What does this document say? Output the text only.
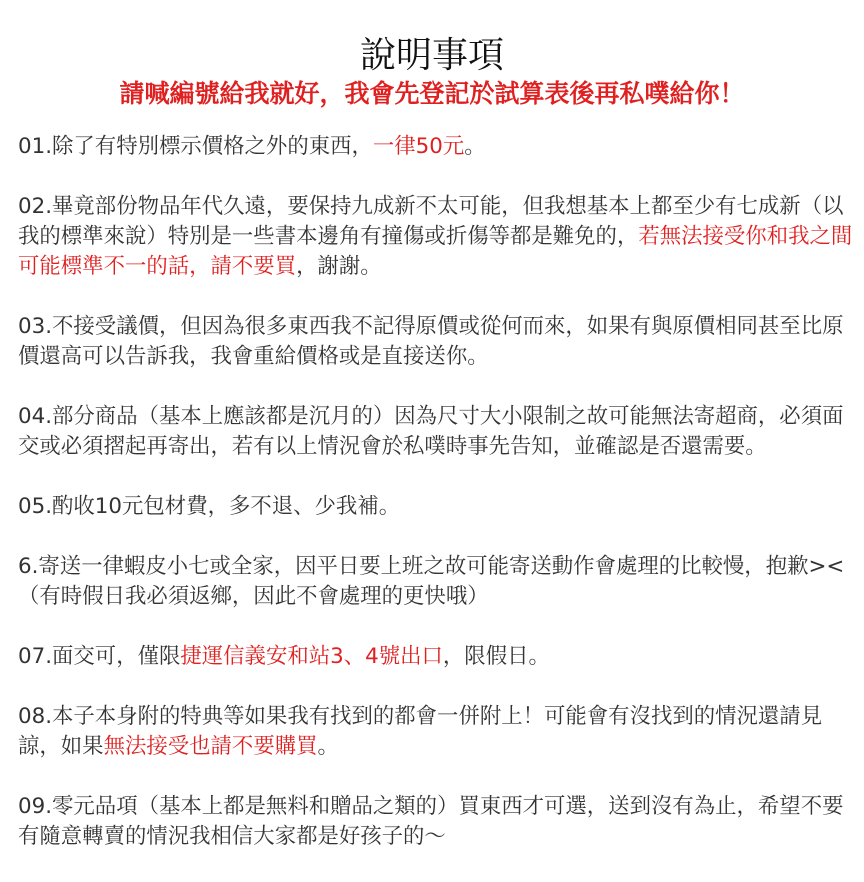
說明事項
請喊編號給我就好，我會先登記於試算表後再私噗給你！

01.除了有特別標示價格之外的東西，一律50元。

02.畢竟部份物品年代久遠，要保持九成新不太可能，但我想基本上都至少有七成新（以我的標準來說）特別是一些書本邊角有撞傷或折傷等都是難免的，若無法接受你和我之間可能標準不一的話，請不要買，謝謝。

03.不接受議價，但因為很多東西我不記得原價或從何而來，如果有與原價相同甚至比原價還高可以告訴我，我會重給價格或是直接送你。

04.部分商品（基本上應該都是沉月的）因為尺寸大小限制之故可能無法寄超商，必須面交或必須摺起再寄出，若有以上情況會於私噗時事先告知，並確認是否還需要。

05.酌收10元包材費，多不退、少我補。

6.寄送一律蝦皮小七或全家，因平日要上班之故可能寄送動作會處理的比較慢，抱歉><（有時假日我必須返鄉，因此不會處理的更快哦）

07.面交可，僅限捷運信義安和站3、4號出口，限假日。

08.本子本身附的特典等如果我有找到的都會一併附上！可能會有沒找到的情況還請見諒，如果無法接受也請不要購買。

09.零元品項（基本上都是無料和贈品之類的）買東西才可選，送到沒有為止，希望不要有隨意轉賣的情況我相信大家都是好孩子的～
